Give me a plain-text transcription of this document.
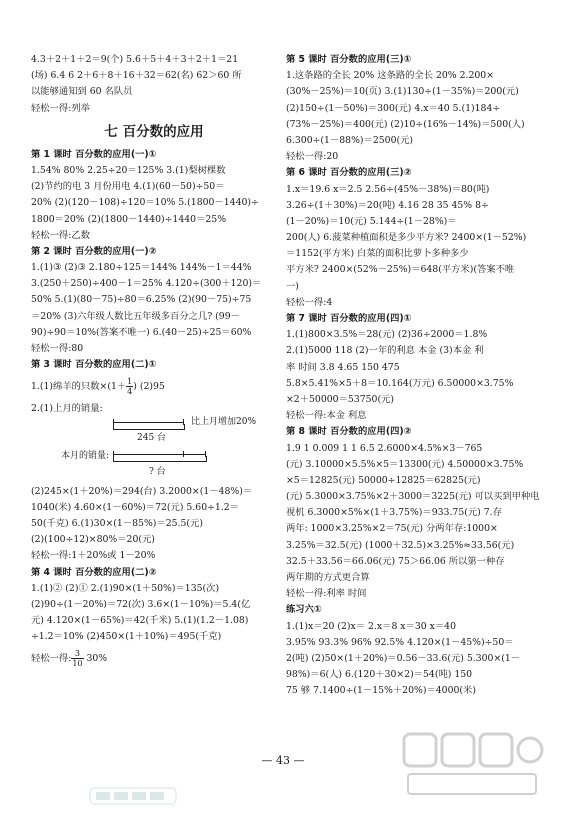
4.3＋2＋1＋2＝9(个) 5.6＋5＋4＋3＋2＋1＝21
(场) 6.4 6 2＋6＋8＋16＋32＝62(名) 62＞60 所
以能够通知到 60 名队员
轻松一得:列举
七 百分数的应用
第 1 课时 百分数的应用(一)①
1.54% 80% 2.25÷20＝125% 3.(1)梨树棵数
(2)节约的电 3 月份用电 4.(1)(60－50)÷50＝
20% (2)(120－108)÷120＝10% 5.(1800－1440)÷
1800＝20% (2)(1800－1440)÷1440＝25%
轻松一得:乙数
第 2 课时 百分数的应用(一)②
1.(1)③ (2)③ 2.180÷125＝144% 144%－1＝44%
3.(250＋250)÷400－1＝25% 4.120÷(300＋120)＝
50% 5.(1)(80－75)÷80＝6.25% (2)(90－75)÷75
＝20% (3)六年级人数比五年级多百分之几? (99－
90)÷90＝10%(答案不唯一) 6.(40－25)÷25＝60%
轻松一得:80
第 3 课时 百分数的应用(二)①
1.(1)绵羊的只数$\times(1+ \frac{1}{4}$ ) (2)95
2.(1)上月的销量:
245 台
比上月增加20%
本月的销量:
? 台
(2)245×(1＋20%)＝294(台) 3.2000×(1－48%)＝
1040(米) 4.60×(1－60%)＝72(元) 5.60÷1.2＝
50(千克) 6.(1)30×(1－85%)＝25.5(元)
(2)(100÷12)×80%＝20(元)
轻松一得:1＋20%或 1－20%
第 4 课时 百分数的应用(二)②
1.(1)② (2)① 2.(1)90×(1＋50%)＝135(次)
(2)90÷(1－20%)＝72(次) 3.6×(1－10%)＝5.4(亿
元) 4.120×(1－65%)＝42(千米) 5.(1)(1.2－1.08)
÷1.2＝10% (2)450×(1＋10%)＝495(千克)
轻松一得: $\frac{3}{10} 30\%$
第 5 课时 百分数的应用(三)①
1.这条路的全长 20% 这条路的全长 20% 2.200×
(30%－25%)＝10(页) 3.(1)130÷(1－35%)＝200(元)
(2)150÷(1－50%)＝300(元) 4.x＝40 5.(1)184÷
(73%－25%)＝400(元) (2)10÷(16%－14%)＝500(人)
6.300÷(1－88%)＝2500(元)
轻松一得:20
第 6 课时 百分数的应用(三)②
1.x＝19.6 x＝2.5 2.56÷(45%－38%)＝80(吨)
3.26÷(1＋30%)＝20(吨) 4.16 28 35 45% 8÷
(1－20%)＝10(元) 5.144÷(1－28%)＝
200(人) 6.菠菜种植面积是多少平方米? 2400×(1－52%)
＝1152(平方米) 白菜的面积比萝卜多种多少
平方米? 2400×(52%－25%)＝648(平方米)(答案不唯
一)
轻松一得:4
第 7 课时 百分数的应用(四)①
1.(1)800×3.5%＝28(元) (2)36÷2000＝1.8%
2.(1)5000 118 (2)一年的利息 本金 (3)本金 利
率 时间 3.8 4.65 150 475
5.8×5.41%×5＋8＝10.164(万元) 6.50000×3.75%
×2＋50000＝53750(元)
轻松一得:本金 利息
第 8 课时 百分数的应用(四)②
1.9 1 0.009 1 1 6.5 2.6000×4.5%×3－765
(元) 3.10000×5.5%×5＝13300(元) 4.50000×3.75%
×5＝12825(元) 50000÷12825＝62825(元)
(元) 5.3000×3.75%×2＋3000＝3225(元) 可以买到甲种电
视机 6.3000×5%×(1＋3.75%)＝933.75(元) 7.存
两年: 1000×3.25%×2＝75(元) 分两年存:1000×
3.25%＝32.5(元) (1000＋32.5)×3.25%≈33.56(元)
32.5＋33.56＝66.06(元) 75＞66.06 所以第一种存
两年期的方式更合算
轻松一得:利率 时间
练习六①
1.(1)x＝20 (2)x＝ 2.x＝8 x＝30 x＝40
3.95% 93.3% 96% 92.5% 4.120×(1－45%)÷50＝
2(吨) (2)50×(1＋20%)＝0.56－33.6(元) 5.300×(1－
98%)＝6(人) 6.(120＋30×2)＝54(吨) 150
75 够 7.1400÷(1－15%＋20%)＝4000(米)
— 43 —
